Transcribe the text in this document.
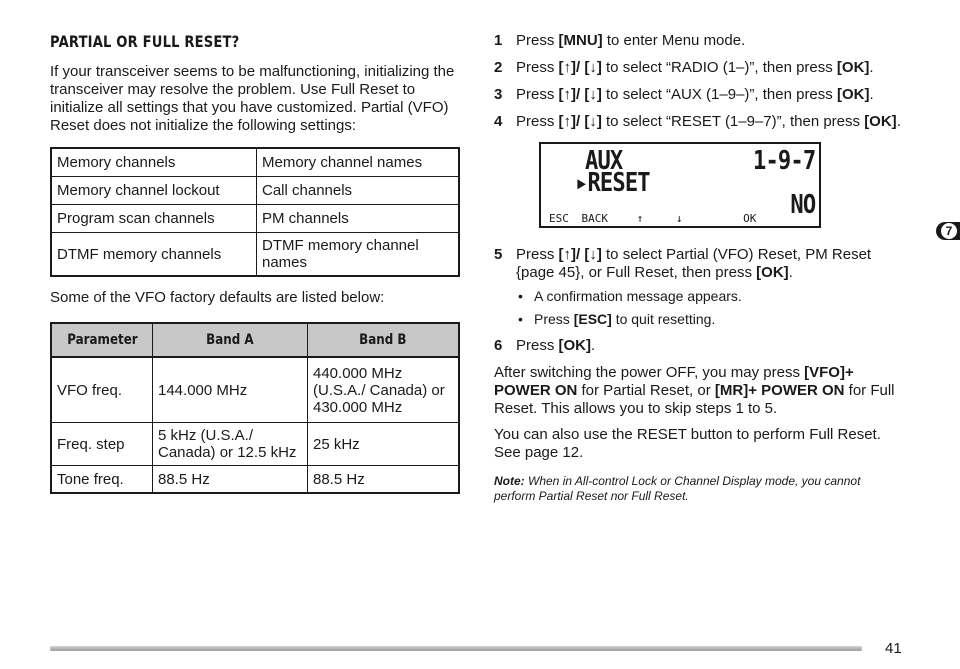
PARTIAL OR FULL RESET?

If your transceiver seems to be malfunctioning, initializing the transceiver may resolve the problem. Use Full Reset to initialize all settings that you have customized. Partial (VFO) Reset does not initialize the following settings:

Memory channels	Memory channel names
Memory channel lockout	Call channels
Program scan channels	PM channels
DTMF memory channels	DTMF memory channel names

Some of the VFO factory defaults are listed below:

Parameter	Band A	Band B
VFO freq.	144.000 MHz	440.000 MHz (U.S.A./ Canada) or 430.000 MHz
Freq. step	5 kHz (U.S.A./ Canada) or 12.5 kHz	25 kHz
Tone freq.	88.5 Hz	88.5 Hz
1 Press [MNU] to enter Menu mode.
2 Press [↑]/ [↓] to select “RADIO (1–)”, then press [OK].
3 Press [↑]/ [↓] to select “AUX (1–9–)”, then press [OK].
4 Press [↑]/ [↓] to select “RESET (1–9–7)”, then press [OK].
AUX	1-9-7
▸RESET
NO
ESC BACK	↑	↓	OK
5 Press [↑]/ [↓] to select Partial (VFO) Reset, PM Reset {page 45}, or Full Reset, then press [OK].
• A confirmation message appears.
• Press [ESC] to quit resetting.
6 Press [OK].

After switching the power OFF, you may press [VFO]+ POWER ON for Partial Reset, or [MR]+ POWER ON for Full Reset. This allows you to skip steps 1 to 5.

You can also use the RESET button to perform Full Reset. See page 12.

Note: When in All-control Lock or Channel Display mode, you cannot perform Partial Reset nor Full Reset.

7
41
